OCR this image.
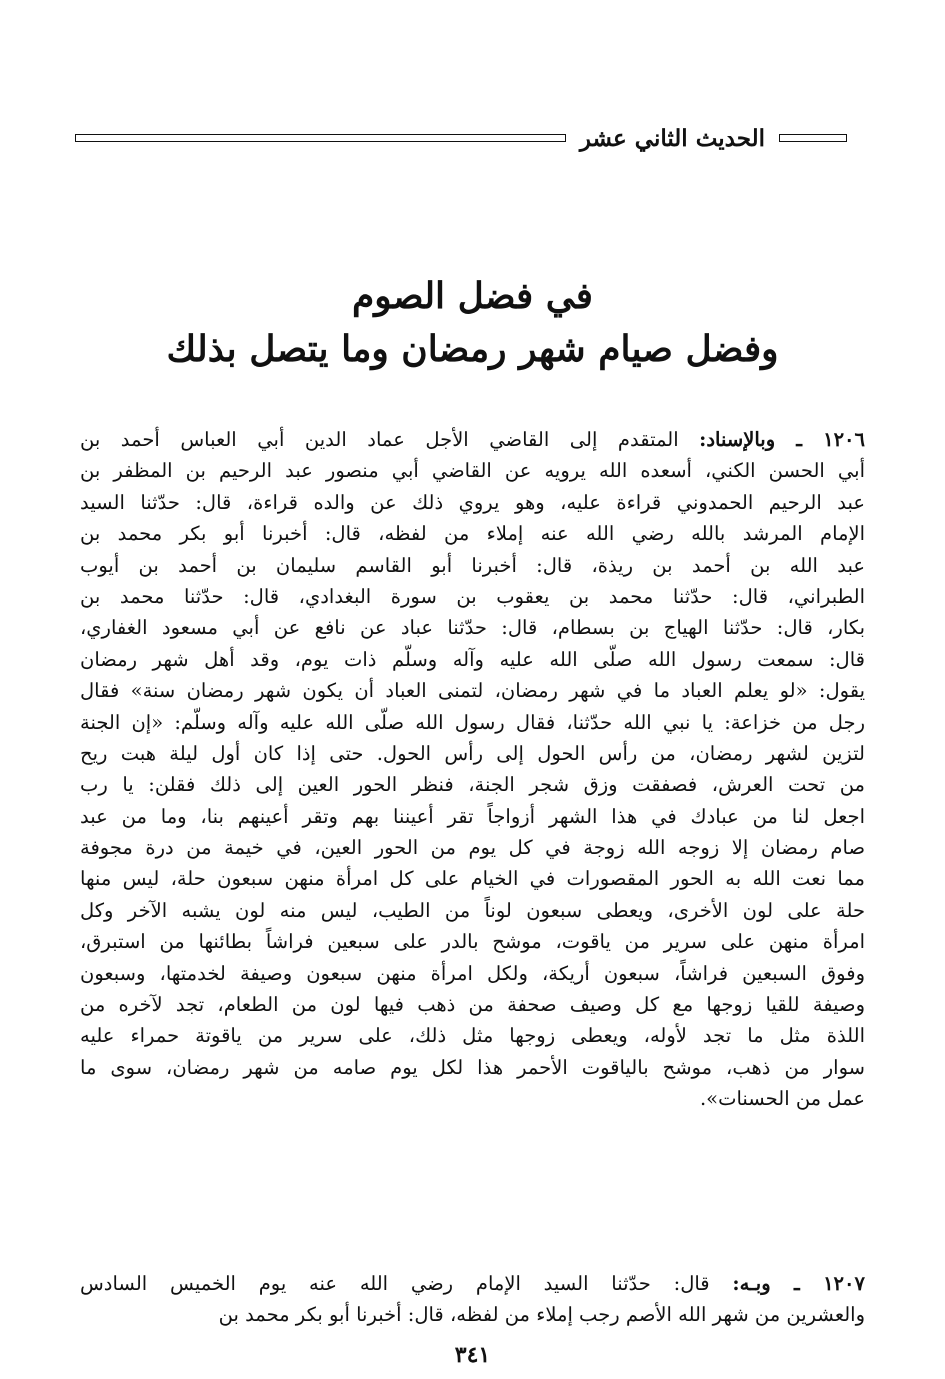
الحديث الثاني عشر
في فضل الصوم
وفضل صيام شهر رمضان وما يتصل بذلك
١٢٠٦ ـ وبالإسناد: المتقدم إلى القاضي الأجل عماد الدين أبي العباس أحمد بن
أبي الحسن الكني، أسعده الله يرويه عن القاضي أبي منصور عبد الرحيم بن المظفر بن
عبد الرحيم الحمدوني قراءة عليه، وهو يروي ذلك عن والده قراءة، قال: حدّثنا السيد
الإمام المرشد بالله رضي الله عنه إملاء من لفظه، قال: أخبرنا أبو بكر محمد بن
عبد الله بن أحمد بن ريذة، قال: أخبرنا أبو القاسم سليمان بن أحمد بن أيوب
الطبراني، قال: حدّثنا محمد بن يعقوب بن سورة البغدادي، قال: حدّثنا محمد بن
بكار، قال: حدّثنا الهياج بن بسطام، قال: حدّثنا عباد عن نافع عن أبي مسعود الغفاري،
قال: سمعت رسول الله صلّى الله عليه وآله وسلّم ذات يوم، وقد أهل شهر رمضان
يقول: «لو يعلم العباد ما في شهر رمضان، لتمنى العباد أن يكون شهر رمضان سنة» فقال
رجل من خزاعة: يا نبي الله حدّثنا، فقال رسول الله صلّى الله عليه وآله وسلّم: «إن الجنة
لتزين لشهر رمضان، من رأس الحول إلى رأس الحول. حتى إذا كان أول ليلة هبت ريح
من تحت العرش، فصفقت وزق شجر الجنة، فنظر الحور العين إلى ذلك فقلن: يا رب
اجعل لنا من عبادك في هذا الشهر أزواجاً تقر أعيننا بهم وتقر أعينهم بنا، وما من عبد
صام رمضان إلا زوجه الله زوجة في كل يوم من الحور العين، في خيمة من درة مجوفة
مما نعت الله به الحور المقصورات في الخيام على كل امرأة منهن سبعون حلة، ليس منها
حلة على لون الأخرى، ويعطى سبعون لوناً من الطيب، ليس منه لون يشبه الآخر وكل
امرأة منهن على سرير من ياقوت، موشح بالدر على سبعين فراشاً بطائنها من استبرق،
وفوق السبعين فراشاً، سبعون أريكة، ولكل امرأة منهن سبعون وصيفة لخدمتها، وسبعون
وصيفة للقيا زوجها مع كل وصيف صحفة من ذهب فيها لون من الطعام، تجد لآخره من
اللذة مثل ما تجد لأوله، ويعطى زوجها مثل ذلك، على سرير من ياقوتة حمراء عليه
سوار من ذهب، موشح بالياقوت الأحمر هذا لكل يوم صامه من شهر رمضان، سوى ما
عمل من الحسنات».
١٢٠٧ ـ وبـه: قال: حدّثنا السيد الإمام رضي الله عنه يوم الخميس السادس
والعشرين من شهر الله الأصم رجب إملاء من لفظه، قال: أخبرنا أبو بكر محمد بن
٣٤١
